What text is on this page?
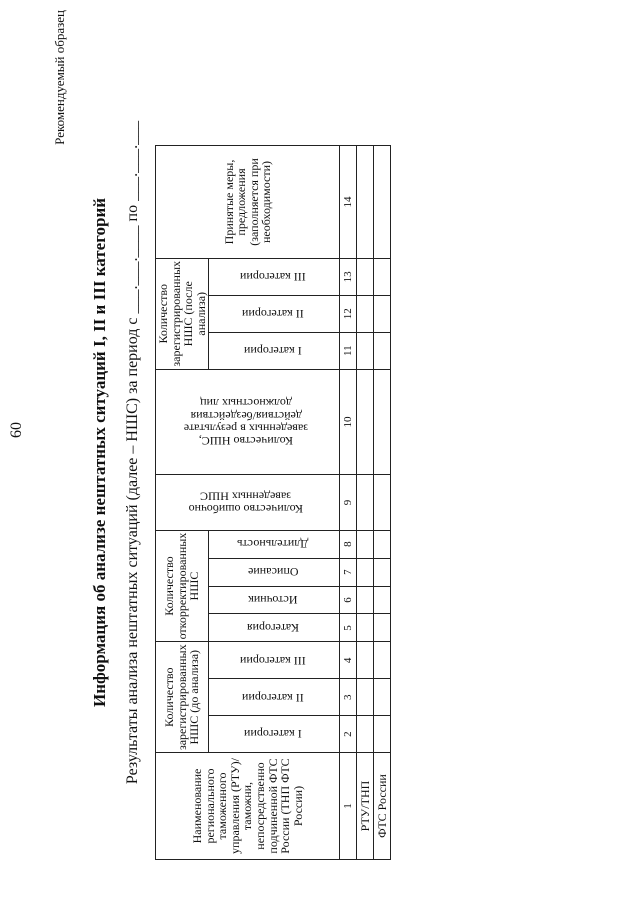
60
Рекомендуемый образец
Информация об анализе нештатных ситуаций I, II и III категорий Результаты анализа нештатных ситуаций (далее – НШС) за период с ___.___.____ по ___.___.___
Наименование регионального таможенного управления (РТУ)/таможни, непосредственно подчиненной ФТС России (ТНП ФТС России)	Количество зарегистрированных НШС (до анализа)			Количество откорректированных НШС				Количество ошибочно заведенных НШС	Количество НШС, заведенных в результате действия/бездействия должностных лиц	Количество зарегистрированных НШС (после анализа)			Принятые меры, предложения (заполняется при необходимости)
	I категории	II категории	III категории	Категория	Источник	Описание	Длительность			I категории	II категории	III категории	
1	2	3	4	5	6	7	8	9	10	11	12	13	14
РТУ/ТНП													
ФТС России													
